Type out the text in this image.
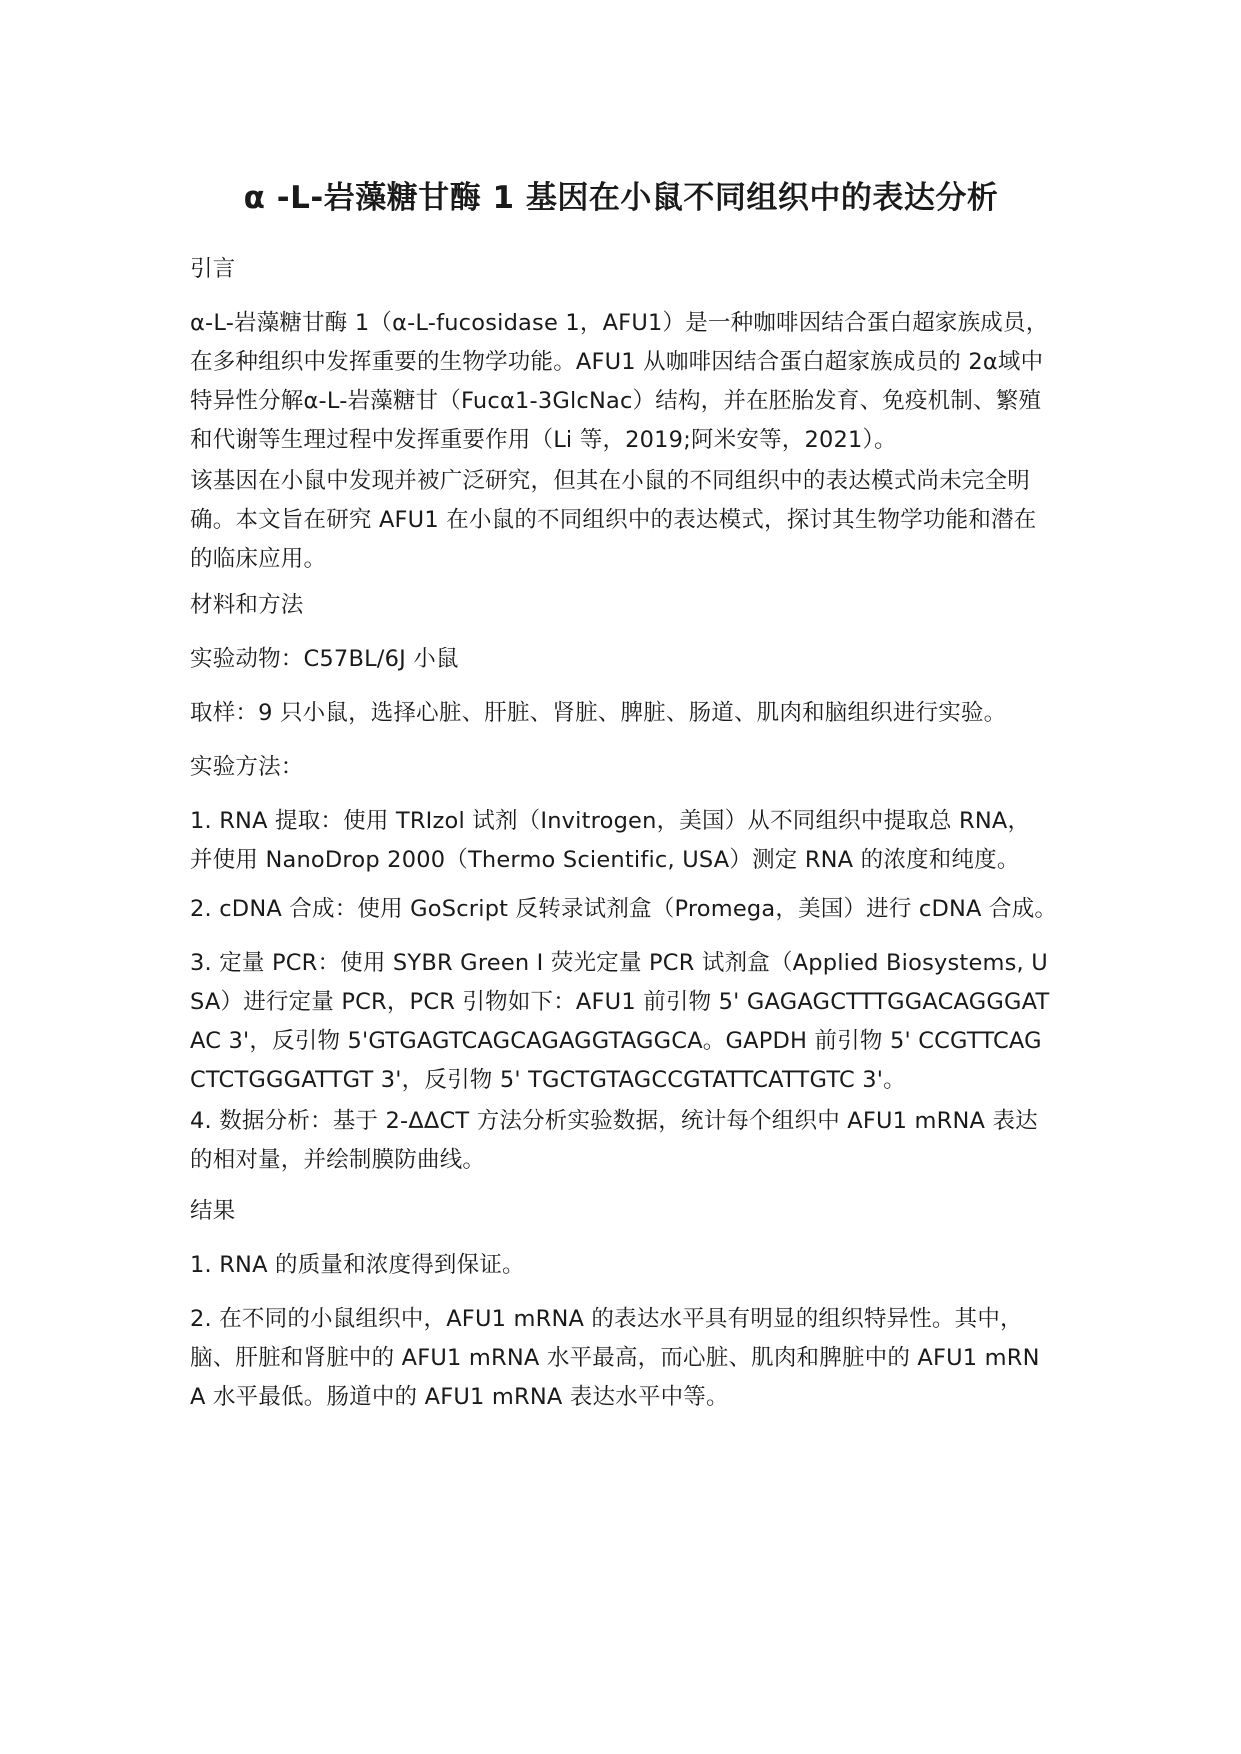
α -L-岩藻糖甘酶 1 基因在小鼠不同组织中的表达分析

引言

α-L-岩藻糖甘酶 1（α-L-fucosidase 1，AFU1）是一种咖啡因结合蛋白超家族成员，在多种组织中发挥重要的生物学功能。AFU1 从咖啡因结合蛋白超家族成员的 2α域中特异性分解α-L-岩藻糖甘（Fucα1-3GlcNac）结构，并在胚胎发育、免疫机制、繁殖和代谢等生理过程中发挥重要作用（Li 等，2019;阿米安等，2021）。

该基因在小鼠中发现并被广泛研究，但其在小鼠的不同组织中的表达模式尚未完全明确。本文旨在研究 AFU1 在小鼠的不同组织中的表达模式，探讨其生物学功能和潜在的临床应用。

材料和方法

实验动物：C57BL/6J 小鼠

取样：9 只小鼠，选择心脏、肝脏、肾脏、脾脏、肠道、肌肉和脑组织进行实验。

实验方法：

1. RNA 提取：使用 TRIzol 试剂（Invitrogen，美国）从不同组织中提取总 RNA，并使用 NanoDrop 2000（Thermo Scientific, USA）测定 RNA 的浓度和纯度。

2. cDNA 合成：使用 GoScript 反转录试剂盒（Promega，美国）进行 cDNA 合成。

3. 定量 PCR：使用 SYBR Green I 荧光定量 PCR 试剂盒（Applied Biosystems, USA）进行定量 PCR，PCR 引物如下：AFU1 前引物 5' GAGAGCTTTGGACAGGGATAC 3'，反引物 5'GTGAGTCAGCAGAGGTAGGCA。GAPDH 前引物 5' CCGTTCAGCTCTGGGATTGT 3'，反引物 5' TGCTGTAGCCGTATTCATTGTC 3'。

4. 数据分析：基于 2-ΔΔCT 方法分析实验数据，统计每个组织中 AFU1 mRNA 表达的相对量，并绘制膜防曲线。

结果

1. RNA 的质量和浓度得到保证。

2. 在不同的小鼠组织中，AFU1 mRNA 的表达水平具有明显的组织特异性。其中，脑、肝脏和肾脏中的 AFU1 mRNA 水平最高，而心脏、肌肉和脾脏中的 AFU1 mRNA 水平最低。肠道中的 AFU1 mRNA 表达水平中等。
